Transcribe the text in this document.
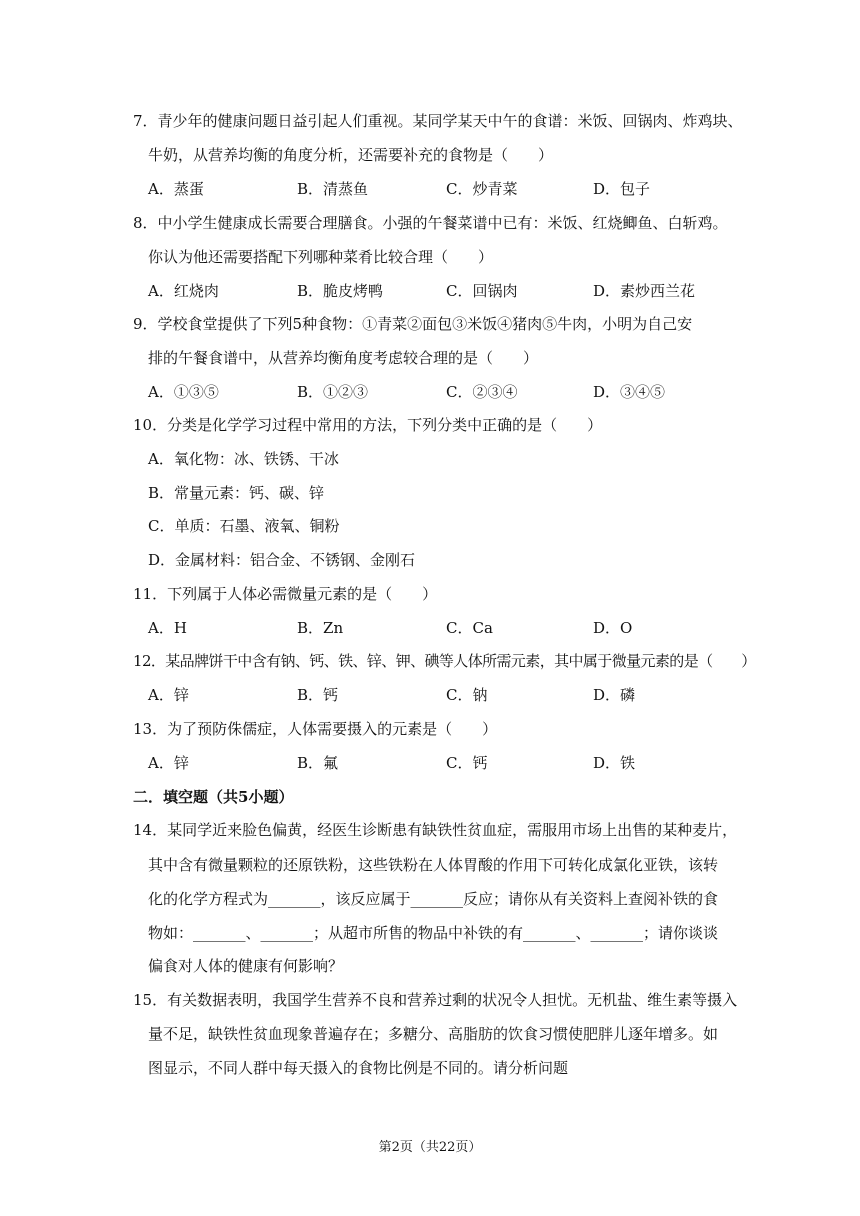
7．青少年的健康问题日益引起人们重视。某同学某天中午的食谱：米饭、回锅肉、炸鸡块、
牛奶，从营养均衡的角度分析，还需要补充的食物是（　　）
A．蒸蛋	B．清蒸鱼	C．炒青菜	D．包子
8．中小学生健康成长需要合理膳食。小强的午餐菜谱中已有：米饭、红烧鲫鱼、白斩鸡。
你认为他还需要搭配下列哪种菜肴比较合理（　　）
A．红烧肉	B．脆皮烤鸭	C．回锅肉	D．素炒西兰花
9．学校食堂提供了下列5种食物：①青菜②面包③米饭④猪肉⑤牛肉，小明为自己安
排的午餐食谱中，从营养均衡角度考虑较合理的是（　　）
A．①③⑤	B．①②③	C．②③④	D．③④⑤
10．分类是化学学习过程中常用的方法，下列分类中正确的是（　　）
A．氧化物：冰、铁锈、干冰
B．常量元素：钙、碳、锌
C．单质：石墨、液氧、铜粉
D．金属材料：铝合金、不锈钢、金刚石
11．下列属于人体必需微量元素的是（　　）
A．H	B．Zn	C．Ca	D．O
12．某品牌饼干中含有钠、钙、铁、锌、钾、碘等人体所需元素，其中属于微量元素的是（　　）
A．锌	B．钙	C．钠	D．磷
13．为了预防侏儒症，人体需要摄入的元素是（　　）
A．锌	B．氟	C．钙	D．铁
二．填空题（共5小题）
14．某同学近来脸色偏黄，经医生诊断患有缺铁性贫血症，需服用市场上出售的某种麦片，
其中含有微量颗粒的还原铁粉，这些铁粉在人体胃酸的作用下可转化成氯化亚铁，该转
化的化学方程式为_______，该反应属于_______反应；请你从有关资料上查阅补铁的食
物如：_______、_______；从超市所售的物品中补铁的有_______、_______；请你谈谈
偏食对人体的健康有何影响？
15．有关数据表明，我国学生营养不良和营养过剩的状况令人担忧。无机盐、维生素等摄入
量不足，缺铁性贫血现象普遍存在；多糖分、高脂肪的饮食习惯使肥胖儿逐年增多。如
图显示，不同人群中每天摄入的食物比例是不同的。请分析问题
第2页（共22页）
